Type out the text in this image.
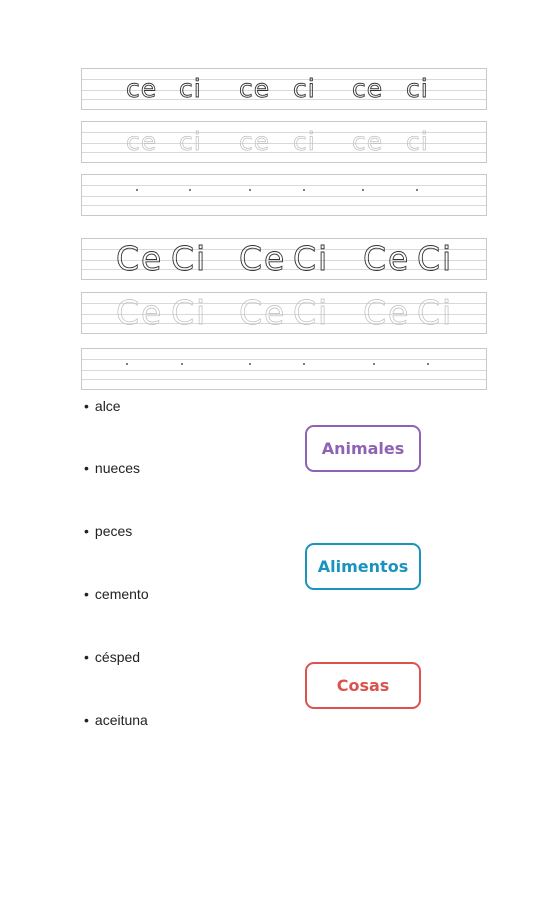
ce ci ce ci ce ci
ce ci ce ci ce ci
Ce Ci Ce Ci Ce Ci
Ce Ci Ce Ci Ce Ci
• alce
• nueces
• peces
• cemento
• césped
• aceituna
Animales
Alimentos
Cosas
